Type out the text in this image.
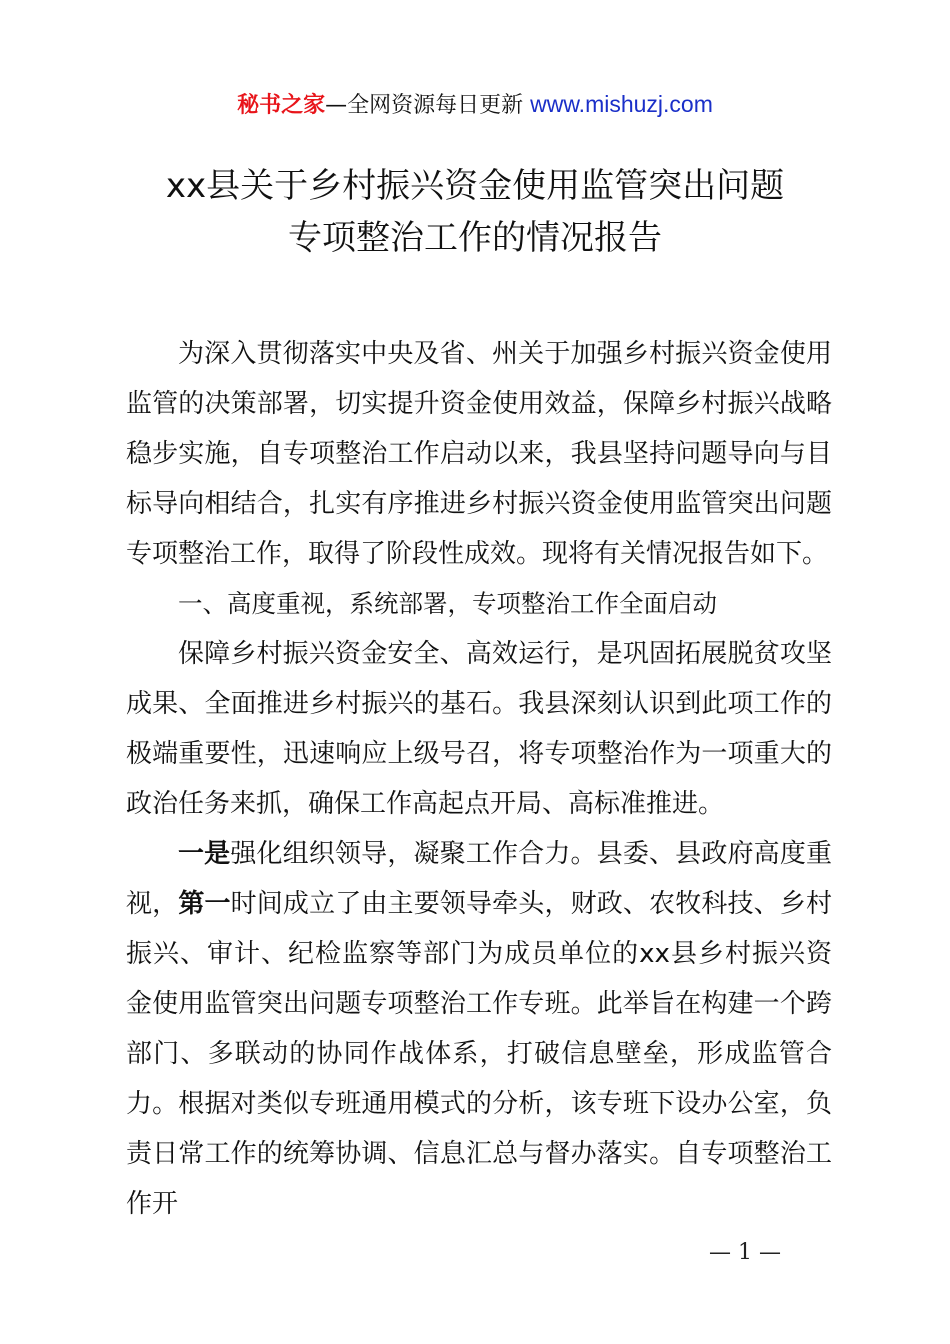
秘书之家—全网资源每日更新 www.mishuzj.com
xx县关于乡村振兴资金使用监管突出问题
专项整治工作的情况报告

为深入贯彻落实中央及省、州关于加强乡村振兴资金使用监管的决策部署，切实提升资金使用效益，保障乡村振兴战略稳步实施，自专项整治工作启动以来，我县坚持问题导向与目标导向相结合，扎实有序推进乡村振兴资金使用监管突出问题专项整治工作，取得了阶段性成效。现将有关情况报告如下。

一、高度重视，系统部署，专项整治工作全面启动

保障乡村振兴资金安全、高效运行，是巩固拓展脱贫攻坚成果、全面推进乡村振兴的基石。我县深刻认识到此项工作的极端重要性，迅速响应上级号召，将专项整治作为一项重大的政治任务来抓，确保工作高起点开局、高标准推进。

一是强化组织领导，凝聚工作合力。县委、县政府高度重视，第一时间成立了由主要领导牵头，财政、农牧科技、乡村振兴、审计、纪检监察等部门为成员单位的xx县乡村振兴资金使用监管突出问题专项整治工作专班。此举旨在构建一个跨部门、多联动的协同作战体系，打破信息壁垒，形成监管合力。根据对类似专班通用模式的分析，该专班下设办公室，负责日常工作的统筹协调、信息汇总与督办落实。自专项整治工作开

— 1 —
